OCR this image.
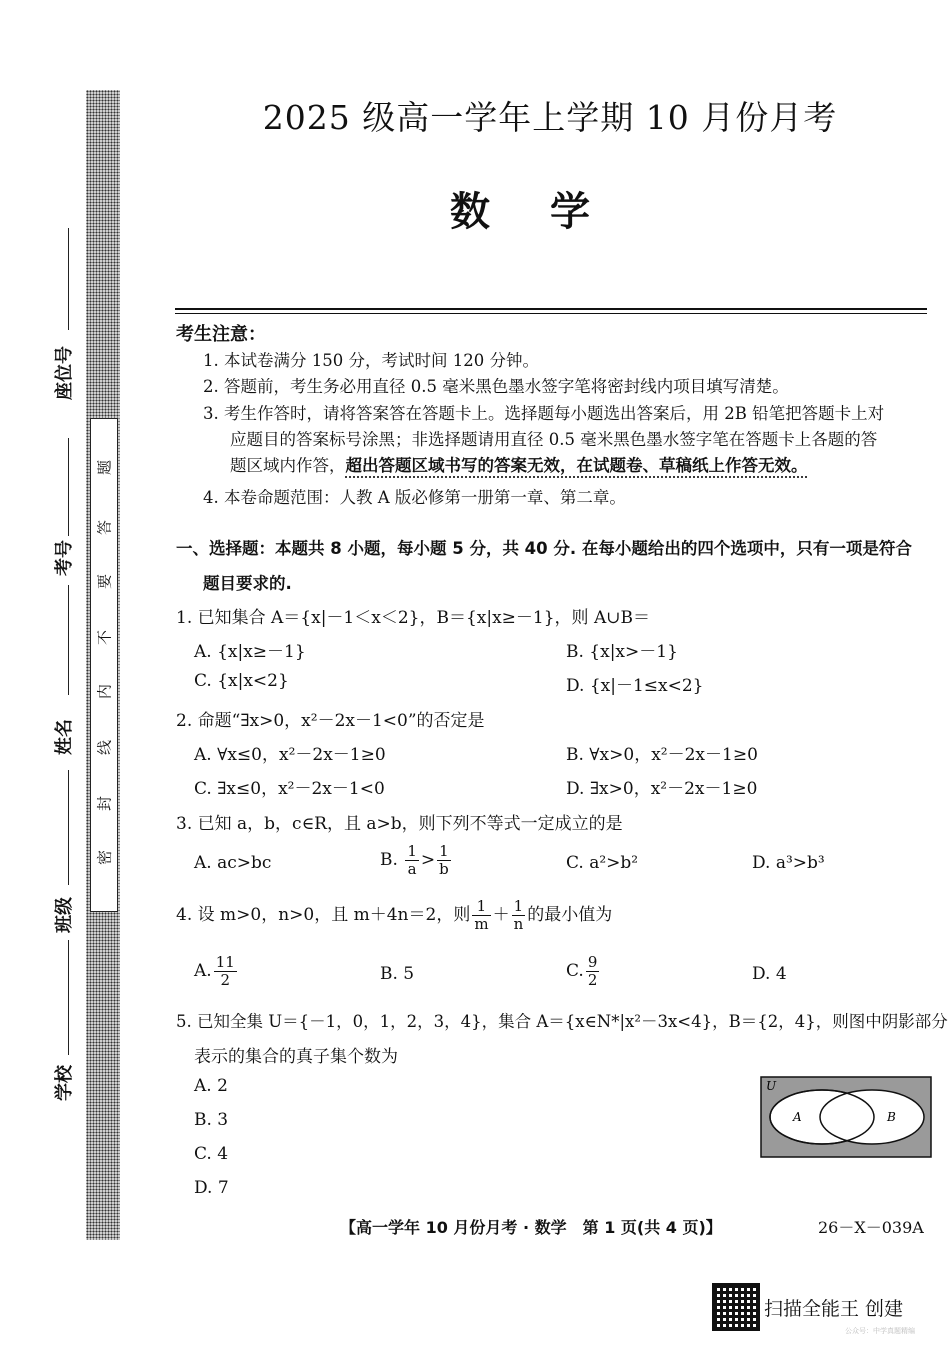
题
答
要
不
内
线
封
密
座位号
考号
姓名
班级
学校
2025 级高一学年上学期 10 月份月考
数学
考生注意：
1. 本试卷满分 150 分，考试时间 120 分钟。
2. 答题前，考生务必用直径 0.5 毫米黑色墨水签字笔将密封线内项目填写清楚。
3. 考生作答时，请将答案答在答题卡上。选择题每小题选出答案后，用 2B 铅笔把答题卡上对
应题目的答案标号涂黑；非选择题请用直径 0.5 毫米黑色墨水签字笔在答题卡上各题的答
题区域内作答，超出答题区域书写的答案无效，在试题卷、草稿纸上作答无效。
4. 本卷命题范围：人教 A 版必修第一册第一章、第二章。
一、选择题：本题共 8 小题，每小题 5 分，共 40 分. 在每小题给出的四个选项中，只有一项是符合
题目要求的.
1. 已知集合 A＝{x|－1＜x＜2}，B＝{x|x≥－1}，则 A∪B＝
A. {x|x≥－1}	B. {x|x>－1}
C. {x|x<2}	D. {x|－1≤x<2}
2. 命题“∃x>0，x²－2x－1<0”的否定是
A. ∀x≤0，x²－2x－1≥0	B. ∀x>0，x²－2x－1≥0
C. ∃x≤0，x²－2x－1<0	D. ∃x>0，x²－2x－1≥0
3. 已知 a，b，c∈R，且 a>b，则下列不等式一定成立的是
A. ac>bc	B. $\frac{1}{a} > \frac{1}{b}$	C. a²>b²	D. a³>b³
4. 设 m>0，n>0，且 m＋4n＝2，则 $\frac{1}{m} + \frac{1}{n}$ 的最小值为
A. $\frac{11}{2}$	B. 5	C. $\frac{9}{2}$	D. 4
5. 已知全集 U＝{－1，0，1，2，3，4}，集合 A＝{x∈N*|x²－3x<4}，B＝{2，4}，则图中阴影部分
表示的集合的真子集个数为
A. 2
B. 3
C. 4
D. 7
U
A	B
【高一学年 10 月份月考 · 数学　第 1 页(共 4 页)】	26－X－039A
扫描全能王 创建
公众号：中学真题精编
